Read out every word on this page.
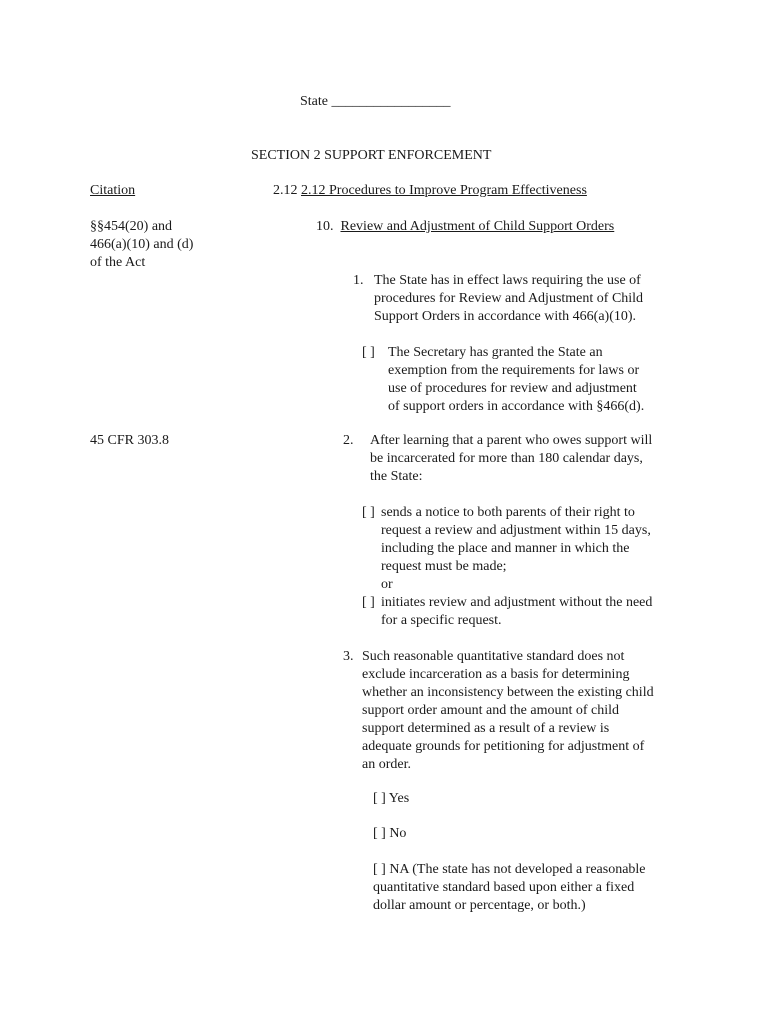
State _________________
SECTION 2 SUPPORT ENFORCEMENT
Citation	2.12 2.12 Procedures to Improve Program Effectiveness
§§454(20) and
466(a)(10) and (d)
of the Act
10. Review and Adjustment of Child Support Orders
1. The State has in effect laws requiring the use of
procedures for Review and Adjustment of Child
Support Orders in accordance with 466(a)(10).
[ ] The Secretary has granted the State an
exemption from the requirements for laws or
use of procedures for review and adjustment
of support orders in accordance with §466(d).
45 CFR 303.8	2. After learning that a parent who owes support will
be incarcerated for more than 180 calendar days,
the State:
[ ] sends a notice to both parents of their right to
request a review and adjustment within 15 days,
including the place and manner in which the
request must be made;
or
[ ] initiates review and adjustment without the need
for a specific request.
3. Such reasonable quantitative standard does not
exclude incarceration as a basis for determining
whether an inconsistency between the existing child
support order amount and the amount of child
support determined as a result of a review is
adequate grounds for petitioning for adjustment of
an order.
[ ] Yes
[ ] No
[ ] NA (The state has not developed a reasonable
quantitative standard based upon either a fixed
dollar amount or percentage, or both.)
